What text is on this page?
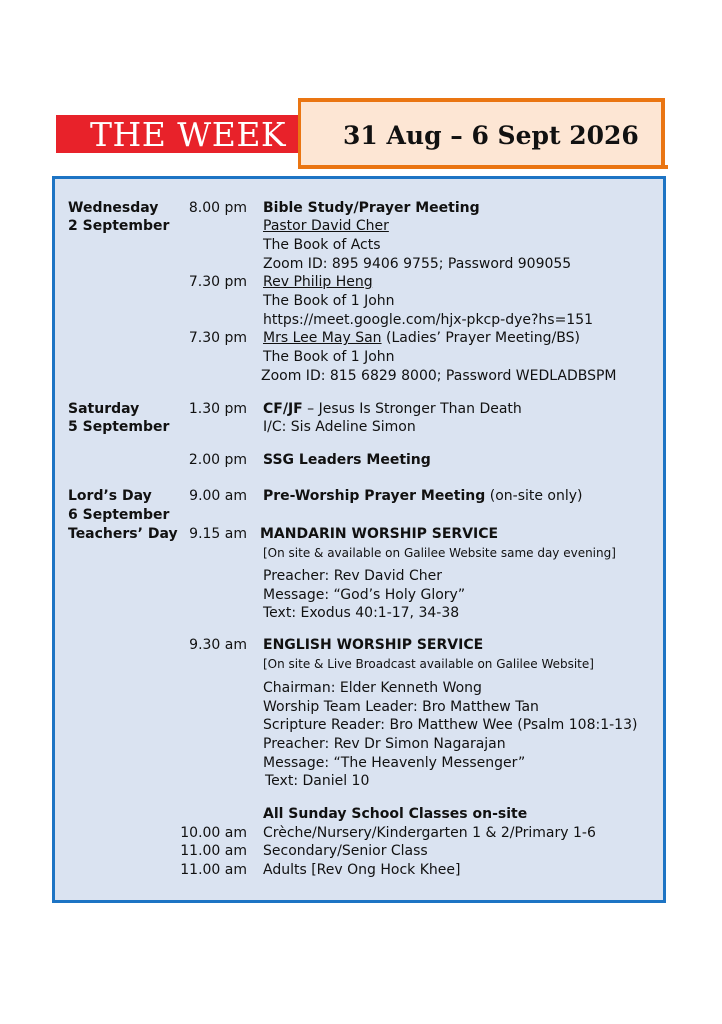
THE WEEK	31 Aug – 6 Sept 2026
Wednesday
2 September
8.00 pm Bible Study/Prayer Meeting
Pastor David Cher
The Book of Acts
Zoom ID: 895 9406 9755; Password 909055
7.30 pm Rev Philip Heng
The Book of 1 John
https://meet.google.com/hjx-pkcp-dye?hs=151
7.30 pm Mrs Lee May San (Ladies’ Prayer Meeting/BS)
The Book of 1 John
Zoom ID: 815 6829 8000; Password WEDLADBSPM
Saturday
5 September
1.30 pm CF/JF – Jesus Is Stronger Than Death
I/C: Sis Adeline Simon
2.00 pm SSG Leaders Meeting
Lord’s Day
6 September
Teachers’ Day
9.00 am Pre-Worship Prayer Meeting (on-site only)
9.15 am MANDARIN WORSHIP SERVICE
[On site & available on Galilee Website same day evening]
Preacher: Rev David Cher
Message: “God’s Holy Glory”
Text: Exodus 40:1-17, 34-38
9.30 am ENGLISH WORSHIP SERVICE
[On site & Live Broadcast available on Galilee Website]
Chairman: Elder Kenneth Wong
Worship Team Leader: Bro Matthew Tan
Scripture Reader: Bro Matthew Wee (Psalm 108:1-13)
Preacher: Rev Dr Simon Nagarajan
Message: “The Heavenly Messenger”
Text: Daniel 10
All Sunday School Classes on-site
10.00 am Crèche/Nursery/Kindergarten 1 & 2/Primary 1-6
11.00 am Secondary/Senior Class
11.00 am Adults [Rev Ong Hock Khee]
